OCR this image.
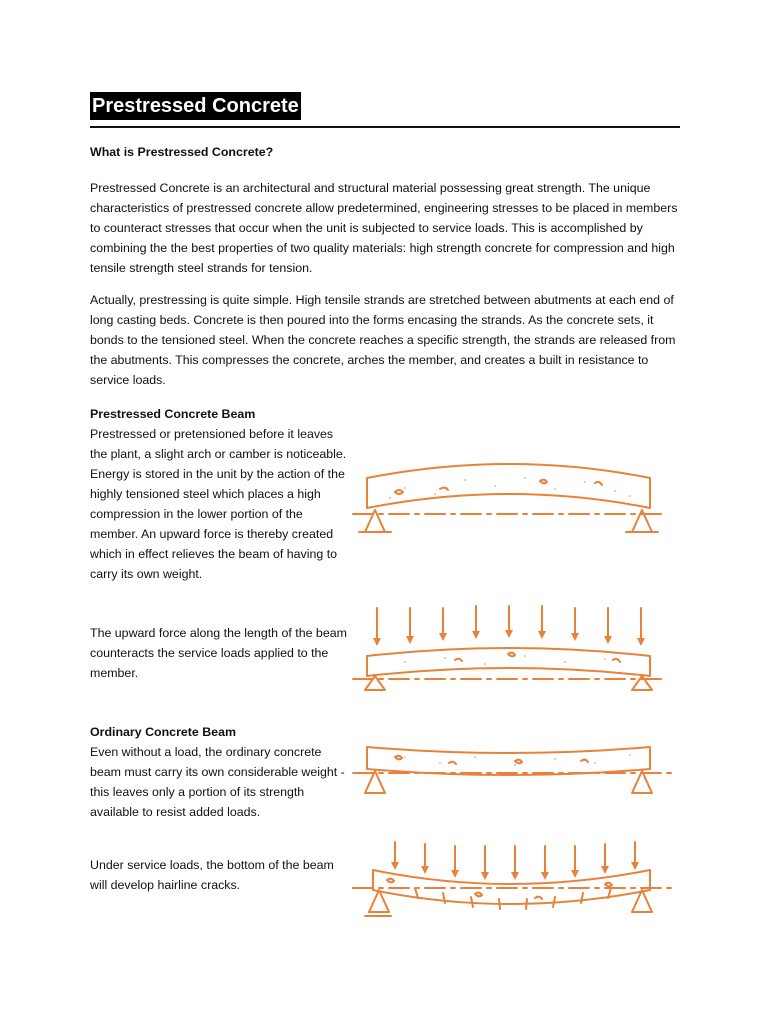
Prestressed Concrete
What is Prestressed Concrete?
Prestressed Concrete is an architectural and structural material possessing great strength. The unique characteristics of prestressed concrete allow predetermined, engineering stresses to be placed in members to counteract stresses that occur when the unit is subjected to service loads. This is accomplished by combining the the best properties of two quality materials: high strength concrete for compression and high tensile strength steel strands for tension.
Actually, prestressing is quite simple. High tensile strands are stretched between abutments at each end of long casting beds. Concrete is then poured into the forms encasing the strands. As the concrete sets, it bonds to the tensioned steel. When the concrete reaches a specific strength, the strands are released from the abutments. This compresses the concrete, arches the member, and creates a built in resistance to service loads.
Prestressed Concrete Beam
Prestressed or pretensioned before it leaves the plant, a slight arch or camber is noticeable. Energy is stored in the unit by the action of the highly tensioned steel which places a high compression in the lower portion of the member. An upward force is thereby created which in effect relieves the beam of having to carry its own weight.
The upward force along the length of the beam counteracts the service loads applied to the member.
Ordinary Concrete Beam
Even without a load, the ordinary concrete beam must carry its own considerable weight - this leaves only a portion of its strength available to resist added loads.
Under service loads, the bottom of the beam will develop hairline cracks.
